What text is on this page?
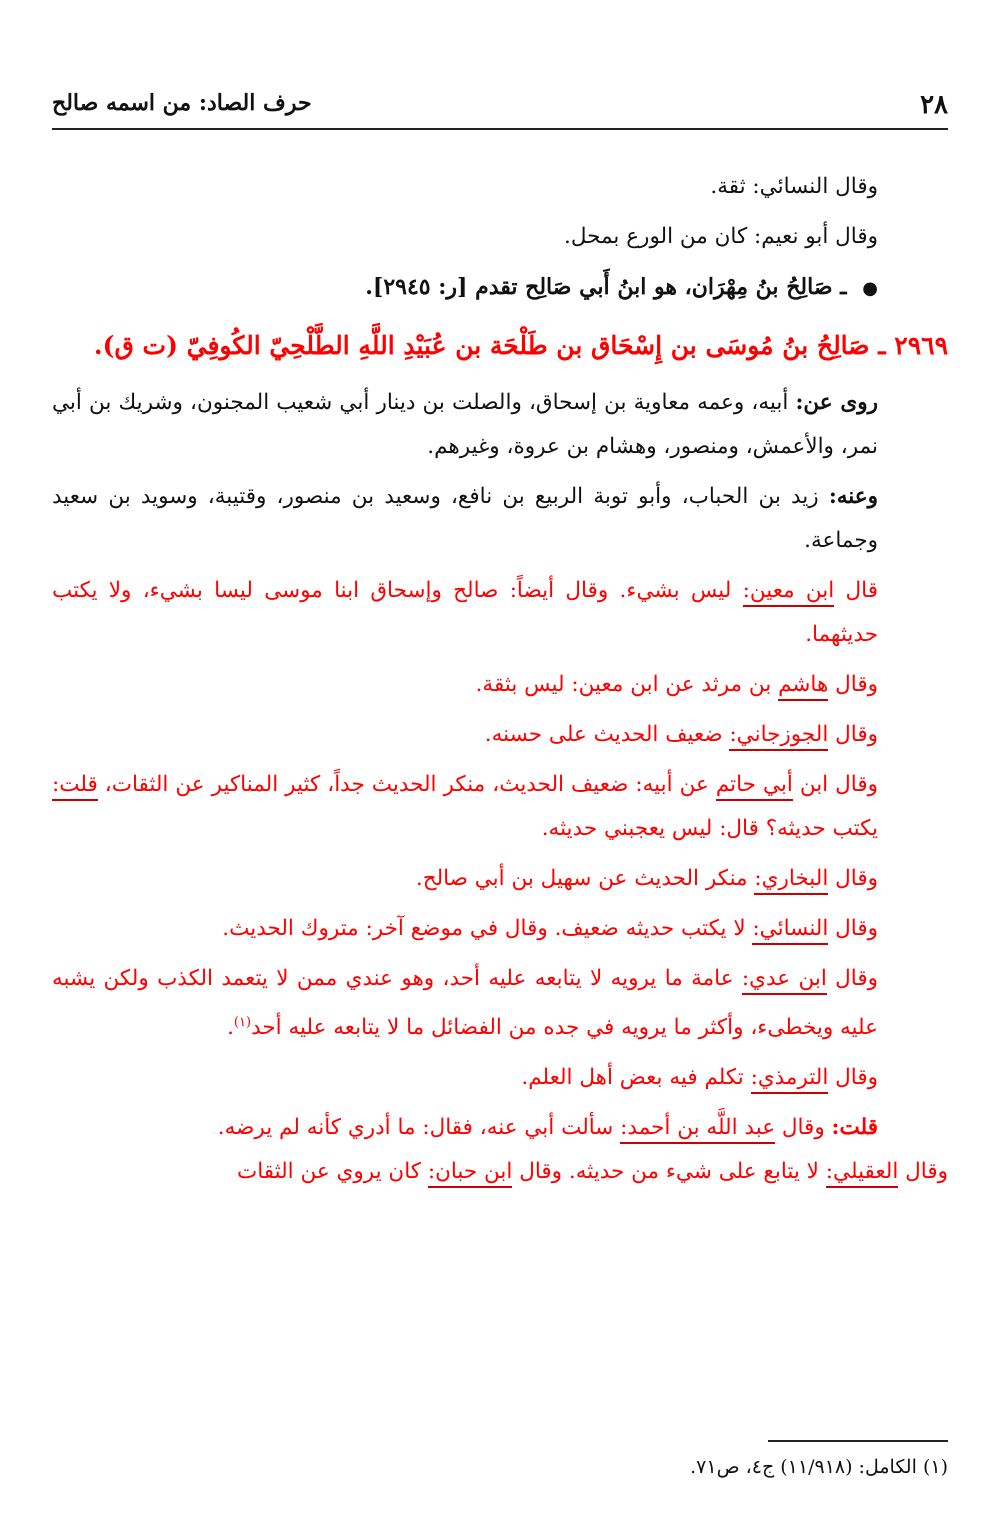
٢٨
حرف الصاد: من اسمه صالح

وقال النسائي: ثقة.

وقال أبو نعيم: كان من الورع بمحل.

● ـ صَالِحُ بنُ مِهْرَان، هو ابنُ أَبي صَالِح تقدم [ر: ٢٩٤٥].

٢٩٦٩ ـ صَالِحُ بنُ مُوسَى بن إِسْحَاق بن طَلْحَة بن عُبَيْدِ اللَّهِ الطَّلْحِيّ الكُوفِيّ (ت ق).

روى عن: أبيه، وعمه معاوية بن إسحاق، والصلت بن دينار أبي شعيب المجنون، وشريك بن أبي نمر، والأعمش، ومنصور، وهشام بن عروة، وغيرهم.

وعنه: زيد بن الحباب، وأبو توبة الربيع بن نافع، وسعيد بن منصور، وقتيبة، وسويد بن سعيد وجماعة.

قال ابن معين: ليس بشيء. وقال أيضاً: صالح وإسحاق ابنا موسى ليسا بشيء، ولا يكتب حديثهما.

وقال هاشم بن مرثد عن ابن معين: ليس بثقة.

وقال الجوزجاني: ضعيف الحديث على حسنه.

وقال ابن أبي حاتم عن أبيه: ضعيف الحديث، منكر الحديث جداً، كثير المناكير عن الثقات، قلت: يكتب حديثه؟ قال: ليس يعجبني حديثه.

وقال البخاري: منكر الحديث عن سهيل بن أبي صالح.

وقال النسائي: لا يكتب حديثه ضعيف. وقال في موضع آخر: متروك الحديث.

وقال ابن عدي: عامة ما يرويه لا يتابعه عليه أحد، وهو عندي ممن لا يتعمد الكذب ولكن يشبه عليه ويخطىء، وأكثر ما يرويه في جده من الفضائل ما لا يتابعه عليه أحد$^{(١)}$.

وقال الترمذي: تكلم فيه بعض أهل العلم.

قلت: وقال عبد اللَّه بن أحمد: سألت أبي عنه، فقال: ما أدري كأنه لم يرضه.

وقال العقيلي: لا يتابع على شيء من حديثه. وقال ابن حبان: كان يروي عن الثقات

(١) الكامل: (١١/٩١٨) ج٤، ص٧١.
